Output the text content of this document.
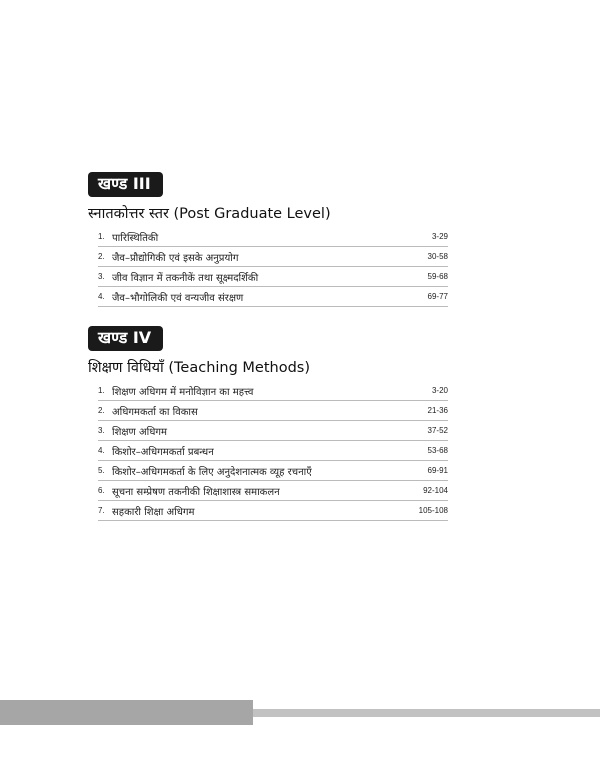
खण्ड III
स्नातकोत्तर स्तर (Post Graduate Level)
1. पारिस्थितिकी	3-29
2. जैव–प्रौद्योगिकी एवं इसके अनुप्रयोग	30-58
3. जीव विज्ञान में तकनीकें तथा सूक्ष्मदर्शिकी	59-68
4. जैव–भौगोलिकी एवं वन्यजीव संरक्षण	69-77
खण्ड IV
शिक्षण विधियाँ (Teaching Methods)
1. शिक्षण अधिगम में मनोविज्ञान का महत्त्व	3-20
2. अधिगमकर्ता का विकास	21-36
3. शिक्षण अधिगम	37-52
4. किशोर–अधिगमकर्ता प्रबन्धन	53-68
5. किशोर–अधिगमकर्ता के लिए अनुदेशनात्मक व्यूह रचनाएँ	69-91
6. सूचना सम्प्रेषण तकनीकी शिक्षाशास्त्र समाकलन	92-104
7. सहकारी शिक्षा अधिगम	105-108
